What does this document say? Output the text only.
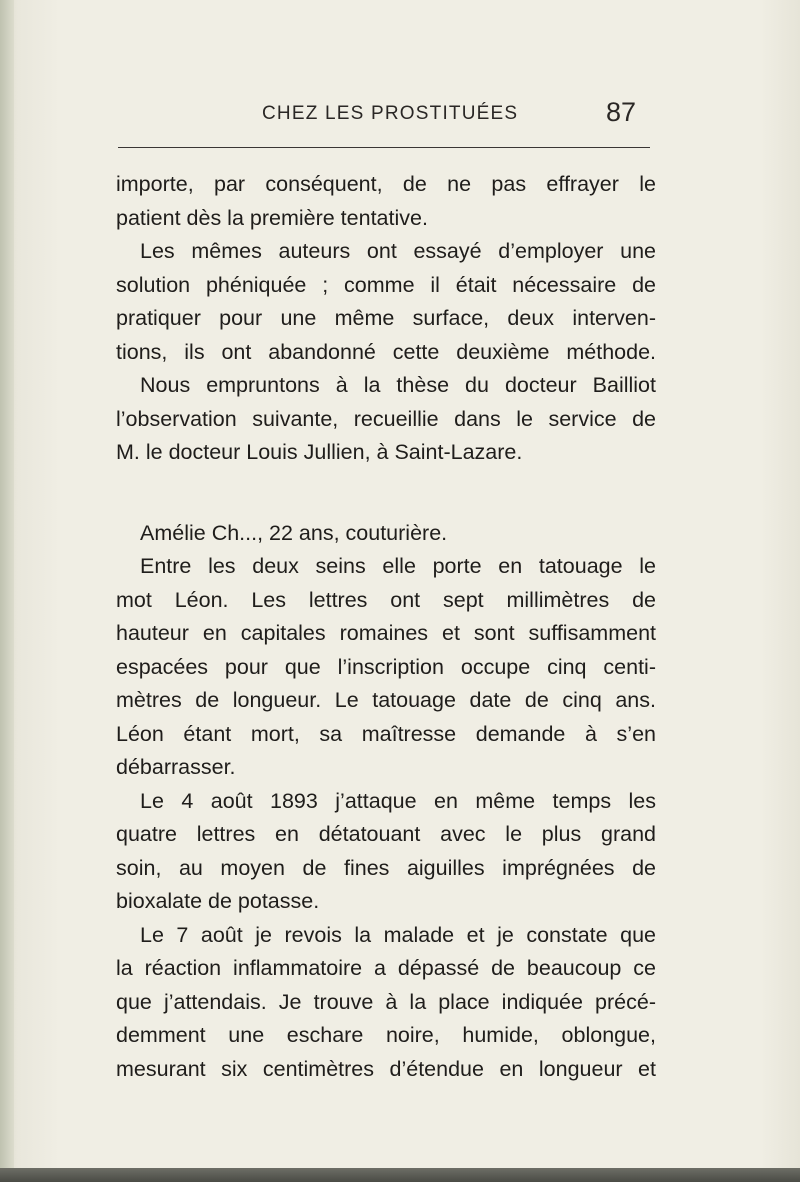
CHEZ LES PROSTITUÉES	87
importe, par conséquent, de ne pas effrayer le
patient dès la première tentative.
Les mêmes auteurs ont essayé d’employer une
solution phéniquée ; comme il était nécessaire de
pratiquer pour une même surface, deux interven-
tions, ils ont abandonné cette deuxième méthode.
Nous empruntons à la thèse du docteur Bailliot
l’observation suivante, recueillie dans le service de
M. le docteur Louis Jullien, à Saint-Lazare.
Amélie Ch..., 22 ans, couturière.
Entre les deux seins elle porte en tatouage le
mot Léon. Les lettres ont sept millimètres de
hauteur en capitales romaines et sont suffisamment
espacées pour que l’inscription occupe cinq centi-
mètres de longueur. Le tatouage date de cinq ans.
Léon étant mort, sa maîtresse demande à s’en
débarrasser.
Le 4 août 1893 j’attaque en même temps les
quatre lettres en détatouant avec le plus grand
soin, au moyen de fines aiguilles imprégnées de
bioxalate de potasse.
Le 7 août je revois la malade et je constate que
la réaction inflammatoire a dépassé de beaucoup ce
que j’attendais. Je trouve à la place indiquée précé-
demment une eschare noire, humide, oblongue,
mesurant six centimètres d’étendue en longueur et
